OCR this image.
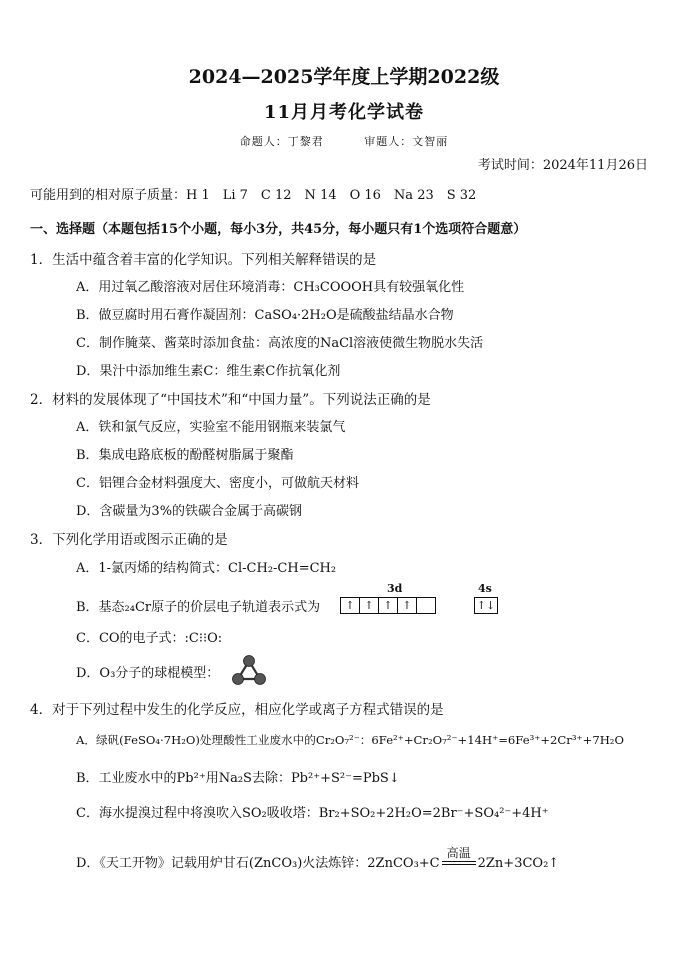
2024—2025学年度上学期2022级
11月月考化学试卷
命题人：丁黎君	审题人：文智丽
考试时间：2024年11月26日
可能用到的相对原子质量：H 1　Li 7　C 12　N 14　O 16　Na 23　S 32
一、选择题（本题包括15个小题，每小3分，共45分，每小题只有1个选项符合题意）
1．生活中蕴含着丰富的化学知识。下列相关解释错误的是
A．用过氧乙酸溶液对居住环境消毒：CH₃COOOH具有较强氧化性
B．做豆腐时用石膏作凝固剂：CaSO₄·2H₂O是硫酸盐结晶水合物
C．制作腌菜、酱菜时添加食盐：高浓度的NaCl溶液使微生物脱水失活
D．果汁中添加维生素C：维生素C作抗氧化剂
2．材料的发展体现了“中国技术”和“中国力量”。下列说法正确的是
A．铁和氯气反应，实验室不能用钢瓶来装氯气
B．集成电路底板的酚醛树脂属于聚酯
C．铝锂合金材料强度大、密度小，可做航天材料
D．含碳量为3%的铁碳合金属于高碳钢
3．下列化学用语或图示正确的是
A．1-氯丙烯的结构简式：Cl-CH₂-CH=CH₂
B．基态₂₄Cr原子的价层电子轨道表示式为
3d
↑ ↑ ↑ ↑
4s
↑↓
C．CO的电子式：:C⁝⁝O:
D．O₃分子的球棍模型：
4．对于下列过程中发生的化学反应，相应化学或离子方程式错误的是
A．绿矾(FeSO₄·7H₂O)处理酸性工业废水中的Cr₂O₇²⁻：6Fe²⁺+Cr₂O₇²⁻+14H⁺=6Fe³⁺+2Cr³⁺+7H₂O
B．工业废水中的Pb²⁺用Na₂S去除：Pb²⁺+S²⁻=PbS↓
C．海水提溴过程中将溴吹入SO₂吸收塔：Br₂+SO₂+2H₂O=2Br⁻+SO₄²⁻+4H⁺
D．《天工开物》记载用炉甘石(ZnCO₃)火法炼锌：2ZnCO₃+C
高温
2Zn+3CO₂↑
